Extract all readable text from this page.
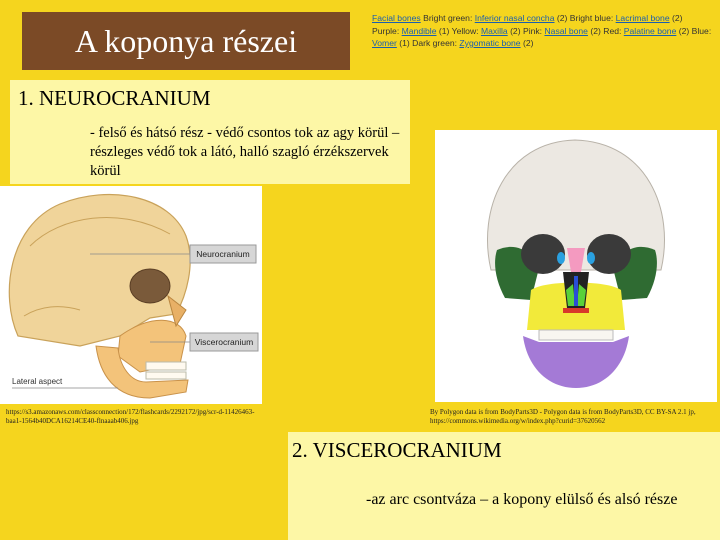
A koponya részei
Facial bones Bright green: Inferior nasal concha (2) Bright blue: Lacrimal bone (2) Purple: Mandible (1) Yellow: Maxilla (2) Pink: Nasal bone (2) Red: Palatine bone (2) Blue: Vomer (1) Dark green: Zygomatic bone (2)
1. NEUROCRANIUM
- felső és hátsó rész - védő csontos tok az agy körül – részleges védő tok a látó, halló szagló érzékszervek körül
Neurocranium
Viscerocranium
Lateral aspect
https://s3.amazonaws.com/classconnection/172/flashcards/2292172/jpg/scr-d-11426463-baa1-1564b40DCA16214CE40-flnaaab406.jpg
By Polygon data is from BodyParts3D - Polygon data is from BodyParts3D, CC BY-SA 2.1 jp, https://commons.wikimedia.org/w/index.php?curid=37620562
2. VISCEROCRANIUM
-az arc csontváza – a kopony elülső és alsó része
